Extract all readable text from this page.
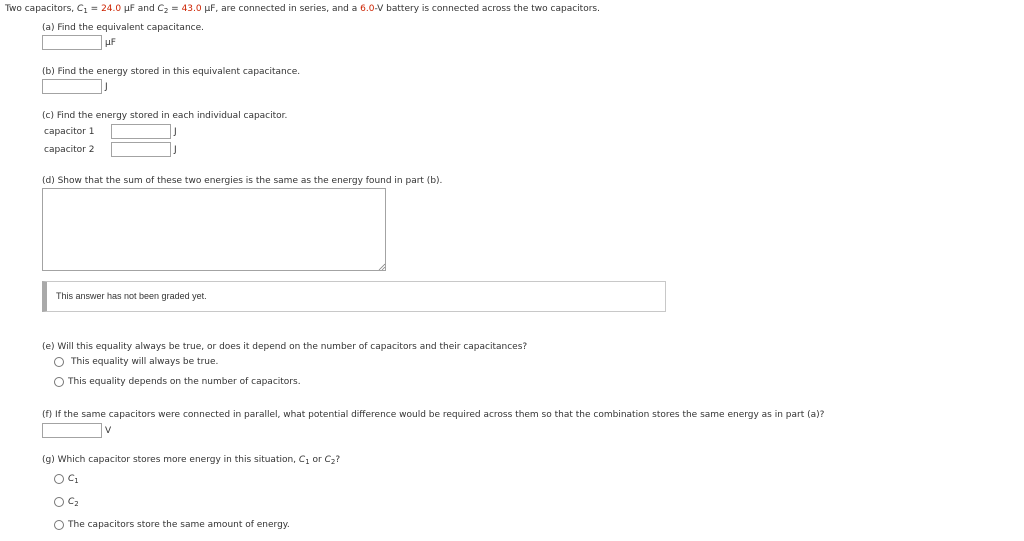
Two capacitors, $C_1 = 24.0$ μF and $C_2 = 43.0$ μF, are connected in series, and a 6.0-V battery is connected across the two capacitors.
(a) Find the equivalent capacitance.
μF
(b) Find the energy stored in this equivalent capacitance.
J
(c) Find the energy stored in each individual capacitor.
capacitor 1	J
capacitor 2	J
(d) Show that the sum of these two energies is the same as the energy found in part (b).
This answer has not been graded yet.
(e) Will this equality always be true, or does it depend on the number of capacitors and their capacitances?
This equality will always be true.
This equality depends on the number of capacitors.
(f) If the same capacitors were connected in parallel, what potential difference would be required across them so that the combination stores the same energy as in part (a)?
V
(g) Which capacitor stores more energy in this situation, $C_1$ or $C_2$?
$C_1$
$C_2$
The capacitors store the same amount of energy.
